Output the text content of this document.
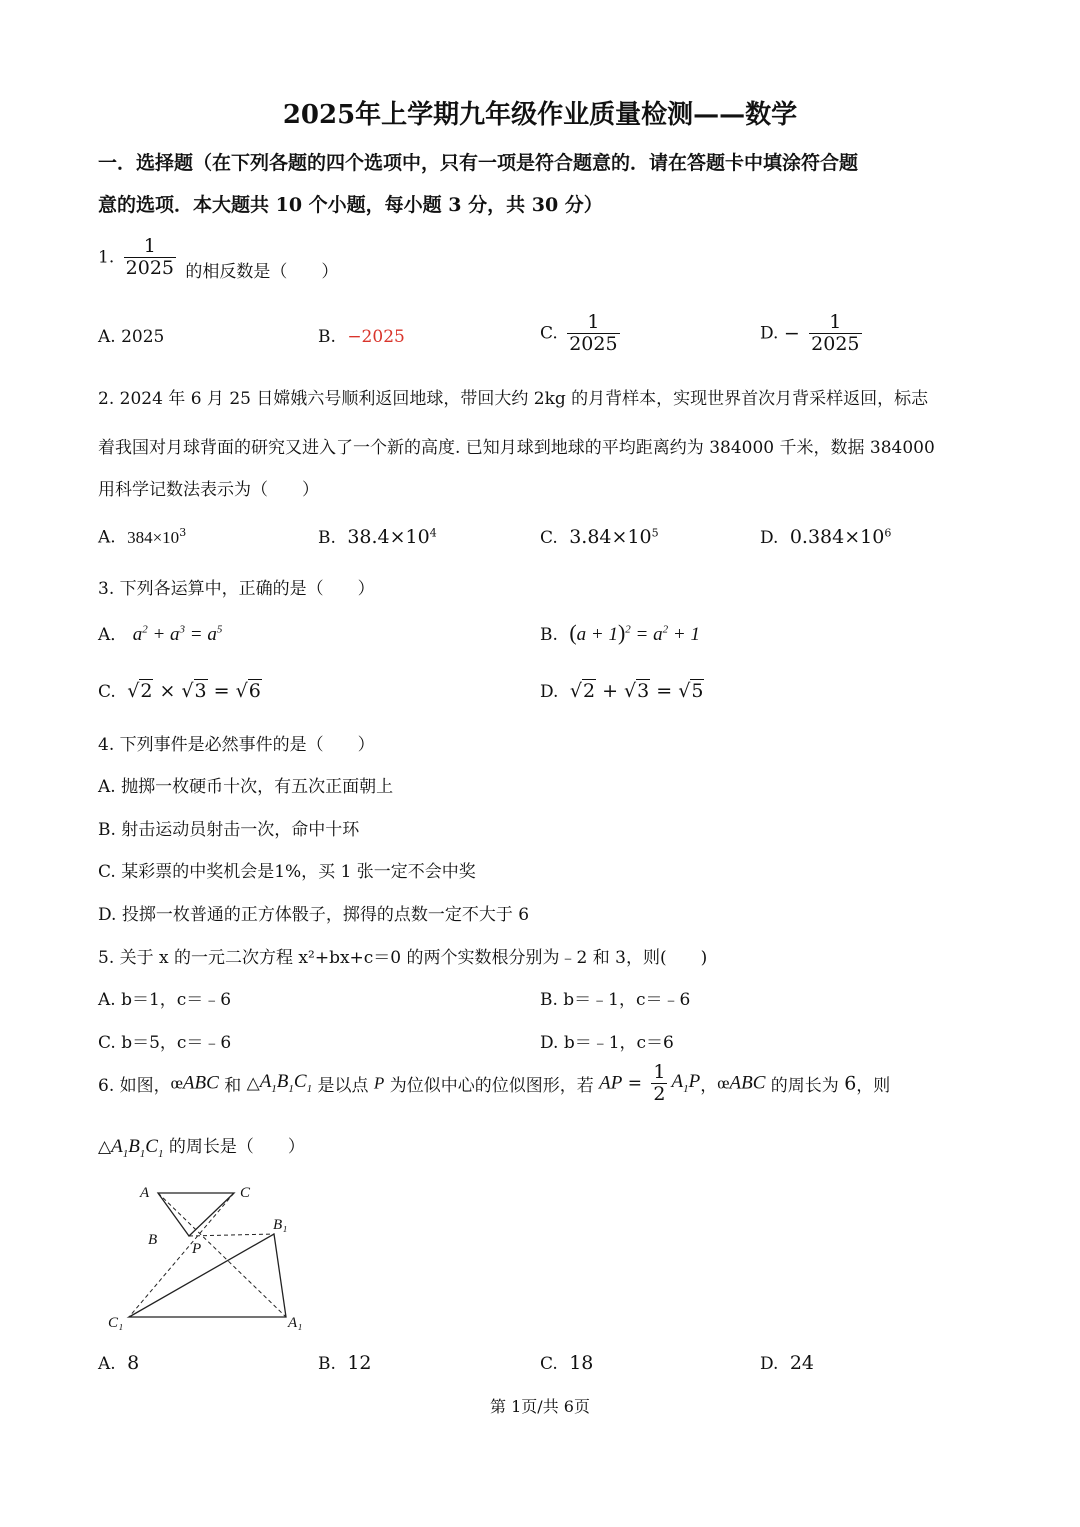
2025年上学期九年级作业质量检测——数学
一．选择题（在下列各题的四个选项中，只有一项是符合题意的．请在答题卡中填涂符合题
意的选项．本大题共 10 个小题，每小题 3 分，共 30 分）
1. $\frac{1}{2025}$ 的相反数是（　　）
A. 2025	B. −2025	C. $\frac{1}{2025}$	D. − $\frac{1}{2025}$
2. 2024 年 6 月 25 日嫦娥六号顺利返回地球，带回大约 2kg 的月背样本，实现世界首次月背采样返回，标志
着我国对月球背面的研究又进入了一个新的高度. 已知月球到地球的平均距离约为 384000 千米，数据 384000
用科学记数法表示为（　　）
A. $384\times 10^3$	B. $38.4\times 10^4$	C. $3.84\times 10^5$	D. $0.384\times 10^6$
3. 下列各运算中，正确的是（　　）
A． $a^2 + a^3 = a^5$	B. $(a + 1)^2 = a^2 + 1$
C. √2 × √3 = √6	D. √2 + √3 = √5
4. 下列事件是必然事件的是（　　）
A. 抛掷一枚硬币十次，有五次正面朝上
B. 射击运动员射击一次，命中十环
C. 某彩票的中奖机会是1%，买 1 张一定不会中奖
D. 投掷一枚普通的正方体骰子，掷得的点数一定不大于 6
5. 关于 x 的一元二次方程 x²+bx+c＝0 的两个实数根分别为﹣2 和 3，则(　　)
A. b＝1，c＝﹣6	B. b＝﹣1，c＝﹣6
C. b＝5，c＝﹣6	D. b＝﹣1，c＝6
6. 如图，œABC 和 $\triangle A_1B_1C_1$ 是以点 P 为位似中心的位似图形，若 AP = $\frac{1}{2} A_1P$，œABC 的周长为 6，则
$\triangle A_1B_1C_1$ 的周长是（　　）
A	C
B
B₁
P
C₁	A₁
A. 8	B. 12	C. 18	D. 24
第 1页/共 6页
